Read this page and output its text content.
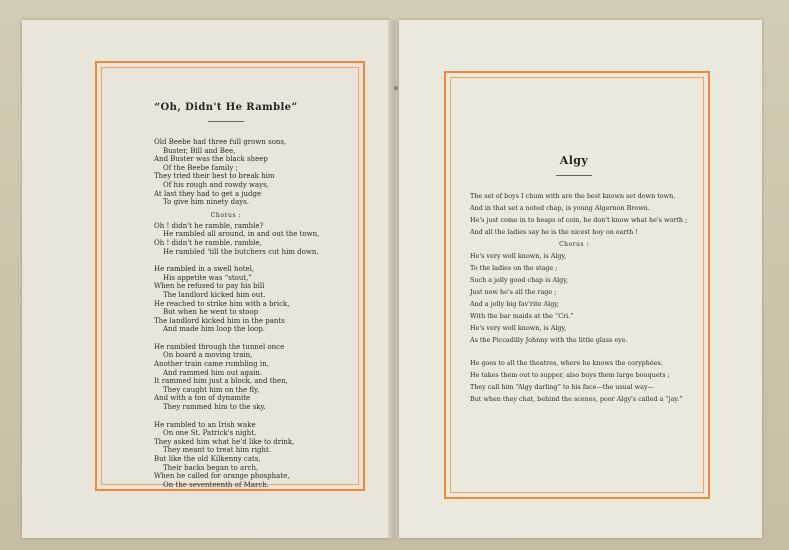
“Oh, Didn't He Ramble”
Old Beebe had three full grown sons,
Buster, Bill and Bee,
And Buster was the black sheep
Of the Beebe family ;
They tried their best to break him
Of his rough and rowdy ways,
At last they had to get a judge
To give him ninety days.
Chorus :
Oh ! didn't he ramble, ramble?
He rambled all around, in and out the town,
Oh ! didn't he ramble, ramble,
He rambled 'till the butchers cut him down.
He rambled in a swell hotel,
His appetite was “stout,”
When he refused to pay his bill
The landlord kicked him out.
He reached to strike him with a brick,
But when he went to stoop
The landlord kicked him in the pants
And made him loop the loop.
He rambled through the tunnel once
On board a moving train,
Another train came rumbling in,
And rammed him out again.
It rammed him just a block, and then,
They caught him on the fly,
And with a ton of dynamite
They rammed him to the sky.
He rambled to an Irish wake
On one St. Patrick's night,
They asked him what he'd like to drink,
They meant to treat him right.
But like the old Kilkenny cats,
Their backs began to arch,
When he called for orange phosphate,
On the seventeenth of March.
Algy
The set of boys I chum with are the best known set down town,
And in that set a noted chap, is young Algernon Brown.
He's just come in to heaps of coin, he don't know what he's worth ;
And all the ladies say he is the nicest boy on earth !
Chorus :
He's very well known, is Algy,
To the ladies on the stage ;
Such a jolly good chap is Algy,
Just now he's all the rage ;
And a jolly big fav'rite Algy,
With the bar maids at the “Cri.”
He's very well known, is Algy,
As the Piccadilly Johnny with the little glass eye.
He goes to all the theatres, where he knows the coryphées.
He takes them out to supper, also buys them large bouquets ;
They call him “Algy darling” to his face—the usual way—
But when they chat, behind the scenes, poor Algy's called a “jay.”
